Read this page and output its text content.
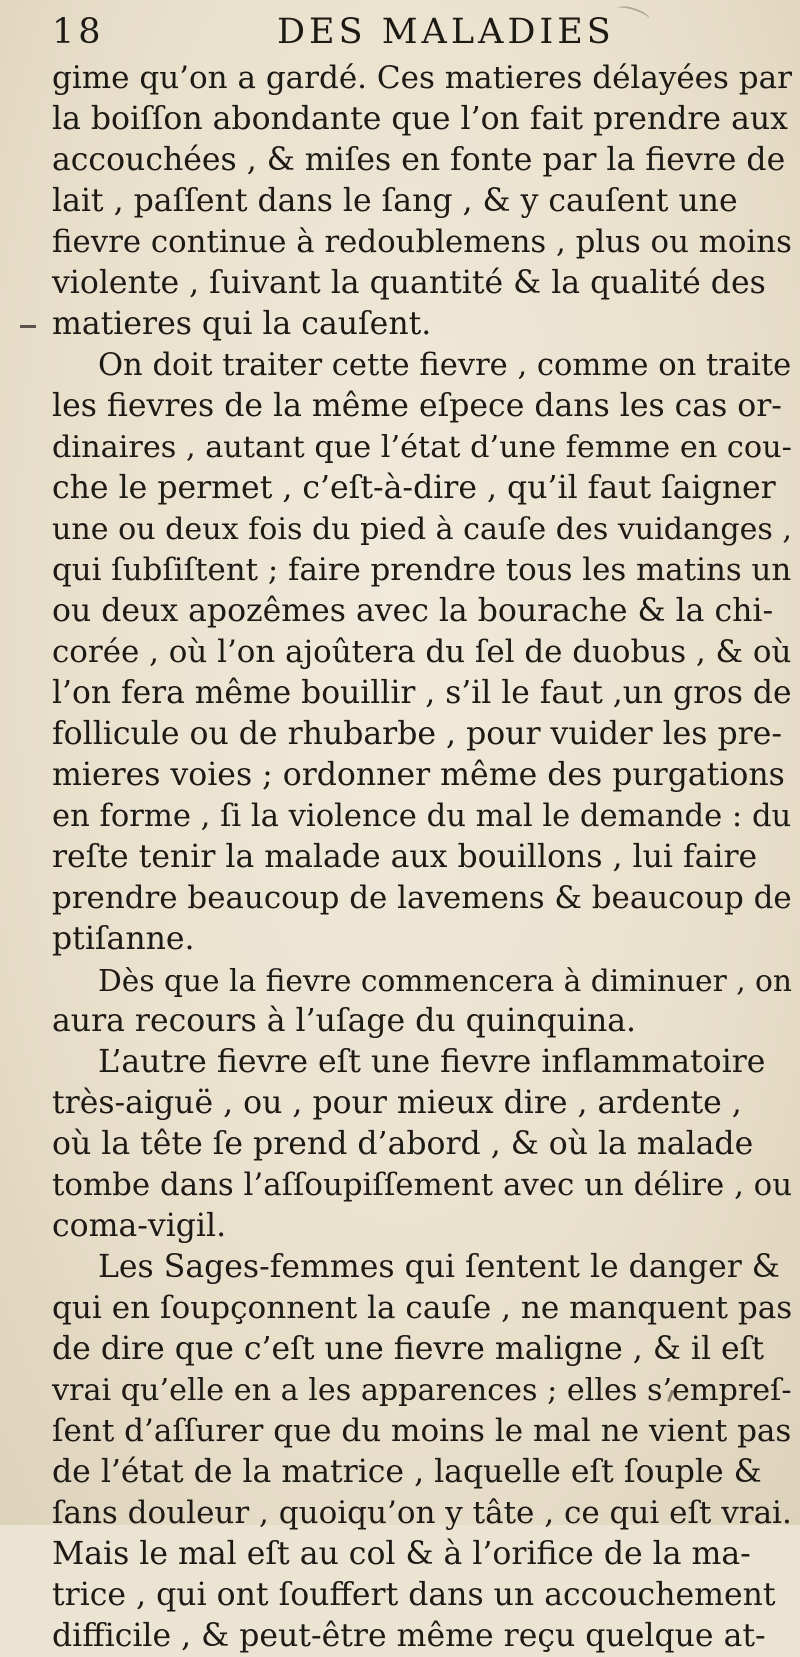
18	DES MALADIES
gime qu’on a gardé. Ces matieres délayées par
la boiſſon abondante que l’on fait prendre aux
accouchées , & miſes en fonte par la fievre de
lait , paſſent dans le ſang , & y cauſent une
fievre continue à redoublemens , plus ou moins
violente , ſuivant la quantité & la qualité des
matieres qui la cauſent.
On doit traiter cette fievre , comme on traite
les fievres de la même eſpece dans les cas or-
dinaires , autant que l’état d’une femme en cou-
che le permet , c’eſt-à-dire , qu’il faut ſaigner
une ou deux fois du pied à cauſe des vuidanges ,
qui ſubſiſtent ; faire prendre tous les matins un
ou deux apozêmes avec la bourache & la chi-
corée , où l’on ajoûtera du ſel de duobus , & où
l’on fera même bouillir , s’il le faut ,un gros de
follicule ou de rhubarbe , pour vuider les pre-
mieres voies ; ordonner même des purgations
en forme , ſi la violence du mal le demande : du
reſte tenir la malade aux bouillons , lui faire
prendre beaucoup de lavemens & beaucoup de
ptiſanne.
Dès que la fievre commencera à diminuer , on
aura recours à l’uſage du quinquina.
L’autre fievre eſt une fievre inflammatoire
très-aiguë , ou , pour mieux dire , ardente ,
où la tête ſe prend d’abord , & où la malade
tombe dans l’aſſoupiſſement avec un délire , ou
coma-vigil.
Les Sages-femmes qui ſentent le danger &
qui en ſoupçonnent la cauſe , ne manquent pas
de dire que c’eſt une fievre maligne , & il eſt
vrai qu’elle en a les apparences ; elles s’empreſ-
ſent d’aſſurer que du moins le mal ne vient pas
de l’état de la matrice , laquelle eſt ſouple &
ſans douleur , quoiqu’on y tâte , ce qui eſt vrai.
Mais le mal eſt au col & à l’orifice de la ma-
trice , qui ont ſouffert dans un accouchement
difficile , & peut-être même reçu quelque at-
